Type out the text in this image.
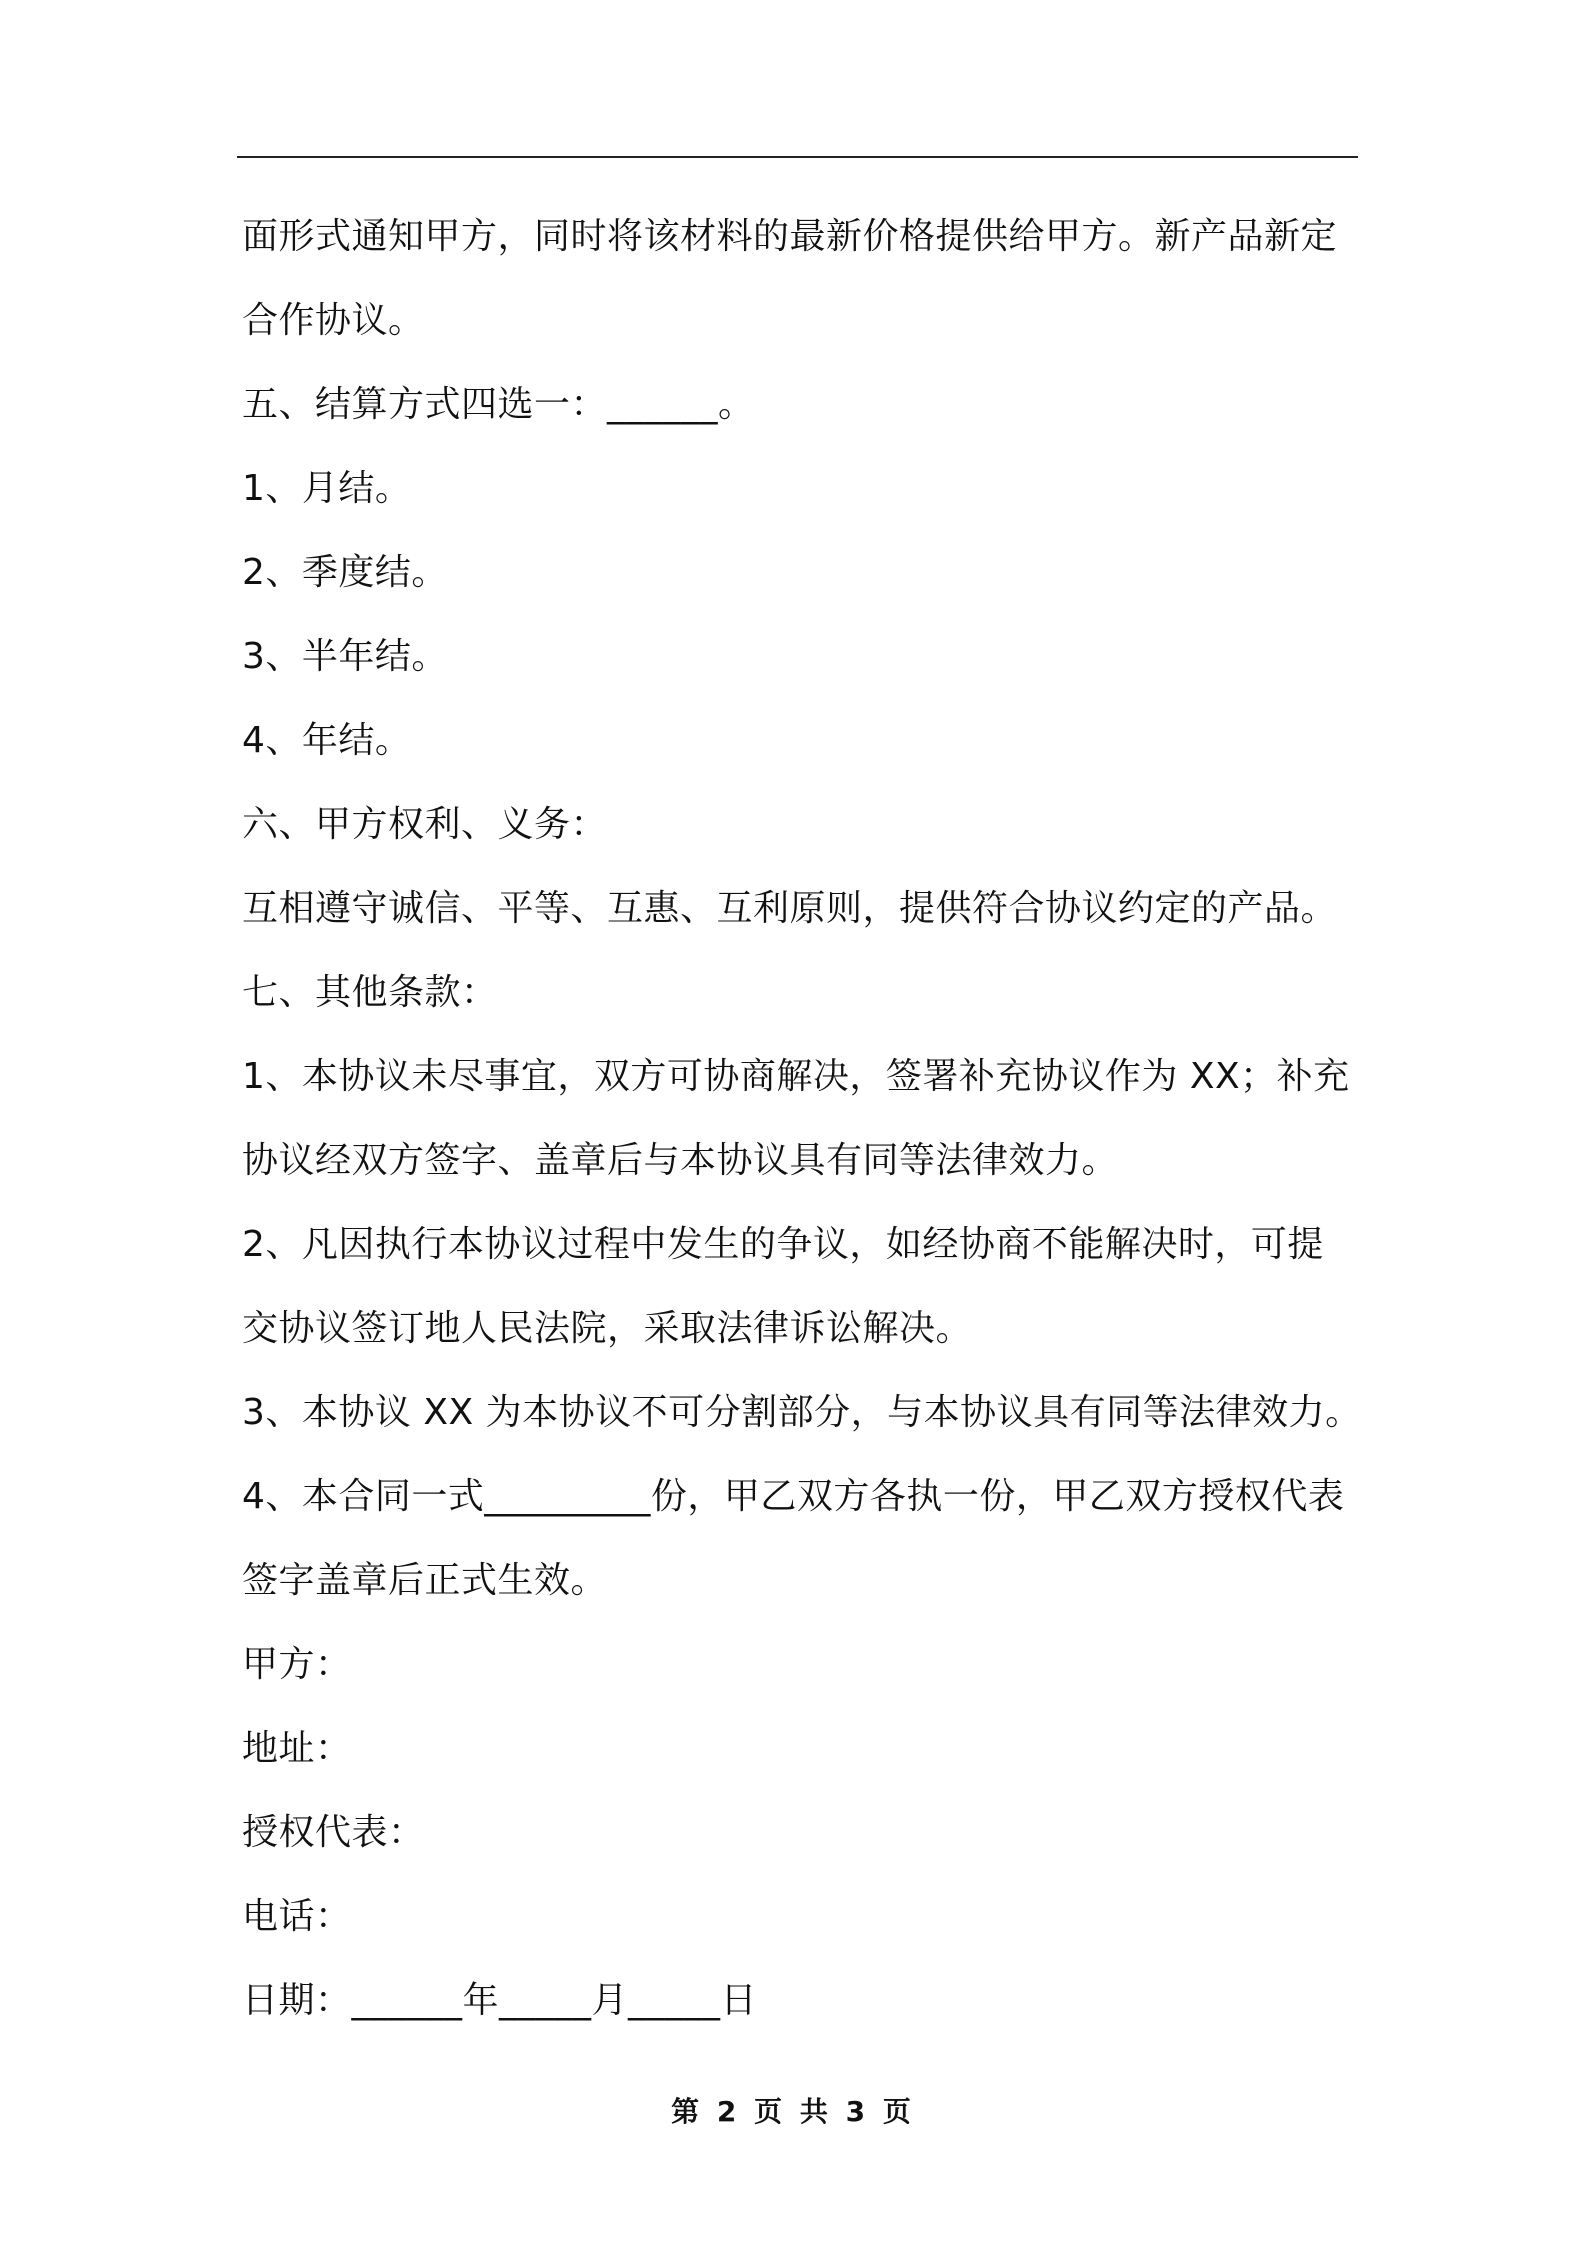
面形式通知甲方，同时将该材料的最新价格提供给甲方。新产品新定
合作协议。
五、结算方式四选一：______。
1、月结。
2、季度结。
3、半年结。
4、年结。
六、甲方权利、义务：
互相遵守诚信、平等、互惠、互利原则，提供符合协议约定的产品。
七、其他条款：
1、本协议未尽事宜，双方可协商解决，签署补充协议作为 XX；补充
协议经双方签字、盖章后与本协议具有同等法律效力。
2、凡因执行本协议过程中发生的争议，如经协商不能解决时，可提
交协议签订地人民法院，采取法律诉讼解决。
3、本协议 XX 为本协议不可分割部分，与本协议具有同等法律效力。
4、本合同一式_________份，甲乙双方各执一份，甲乙双方授权代表
签字盖章后正式生效。
甲方：
地址：
授权代表：
电话：
日期：______年_____月_____日
第 2 页 共 3 页
